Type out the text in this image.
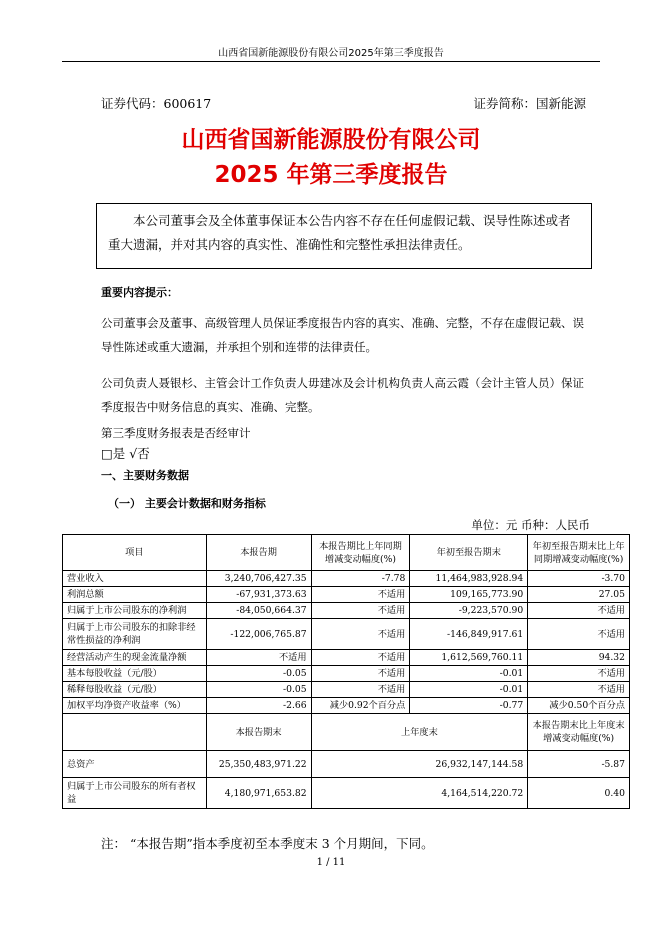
山西省国新能源股份有限公司2025年第三季度报告
证券代码：600617	证券简称：国新能源
山西省国新能源股份有限公司
2025 年第三季度报告
本公司董事会及全体董事保证本公告内容不存在任何虚假记载、误导性陈述或者重大遗漏，并对其内容的真实性、准确性和完整性承担法律责任。
重要内容提示：
公司董事会及董事、高级管理人员保证季度报告内容的真实、准确、完整，不存在虚假记载、误导性陈述或重大遗漏，并承担个别和连带的法律责任。
公司负责人聂银杉、主管会计工作负责人毋建冰及会计机构负责人高云霞（会计主管人员）保证季度报告中财务信息的真实、准确、完整。
第三季度财务报表是否经审计
□是 √否
一、主要财务数据
（一） 主要会计数据和财务指标
单位：元 币种：人民币
项目	本报告期	本报告期比上年同期增减变动幅度(%)	年初至报告期末	年初至报告期末比上年同期增减变动幅度(%)
营业收入	3,240,706,427.35	-7.78	11,464,983,928.94	-3.70
利润总额	-67,931,373.63	不适用	109,165,773.90	27.05
归属于上市公司股东的净利润	-84,050,664.37	不适用	-9,223,570.90	不适用
归属于上市公司股东的扣除非经常性损益的净利润	-122,006,765.87	不适用	-146,849,917.61	不适用
经营活动产生的现金流量净额	不适用	不适用	1,612,569,760.11	94.32
基本每股收益（元/股）	-0.05	不适用	-0.01	不适用
稀释每股收益（元/股）	-0.05	不适用	-0.01	不适用
加权平均净资产收益率（%）	-2.66	减少0.92个百分点	-0.77	减少0.50个百分点
	本报告期末	上年度末		本报告期末比上年度末增减变动幅度(%)
总资产	25,350,483,971.22	26,932,147,144.58		-5.87
归属于上市公司股东的所有者权益	4,180,971,653.82	4,164,514,220.72		0.40
注： “本报告期”指本季度初至本季度末 3 个月期间，下同。
1 / 11
